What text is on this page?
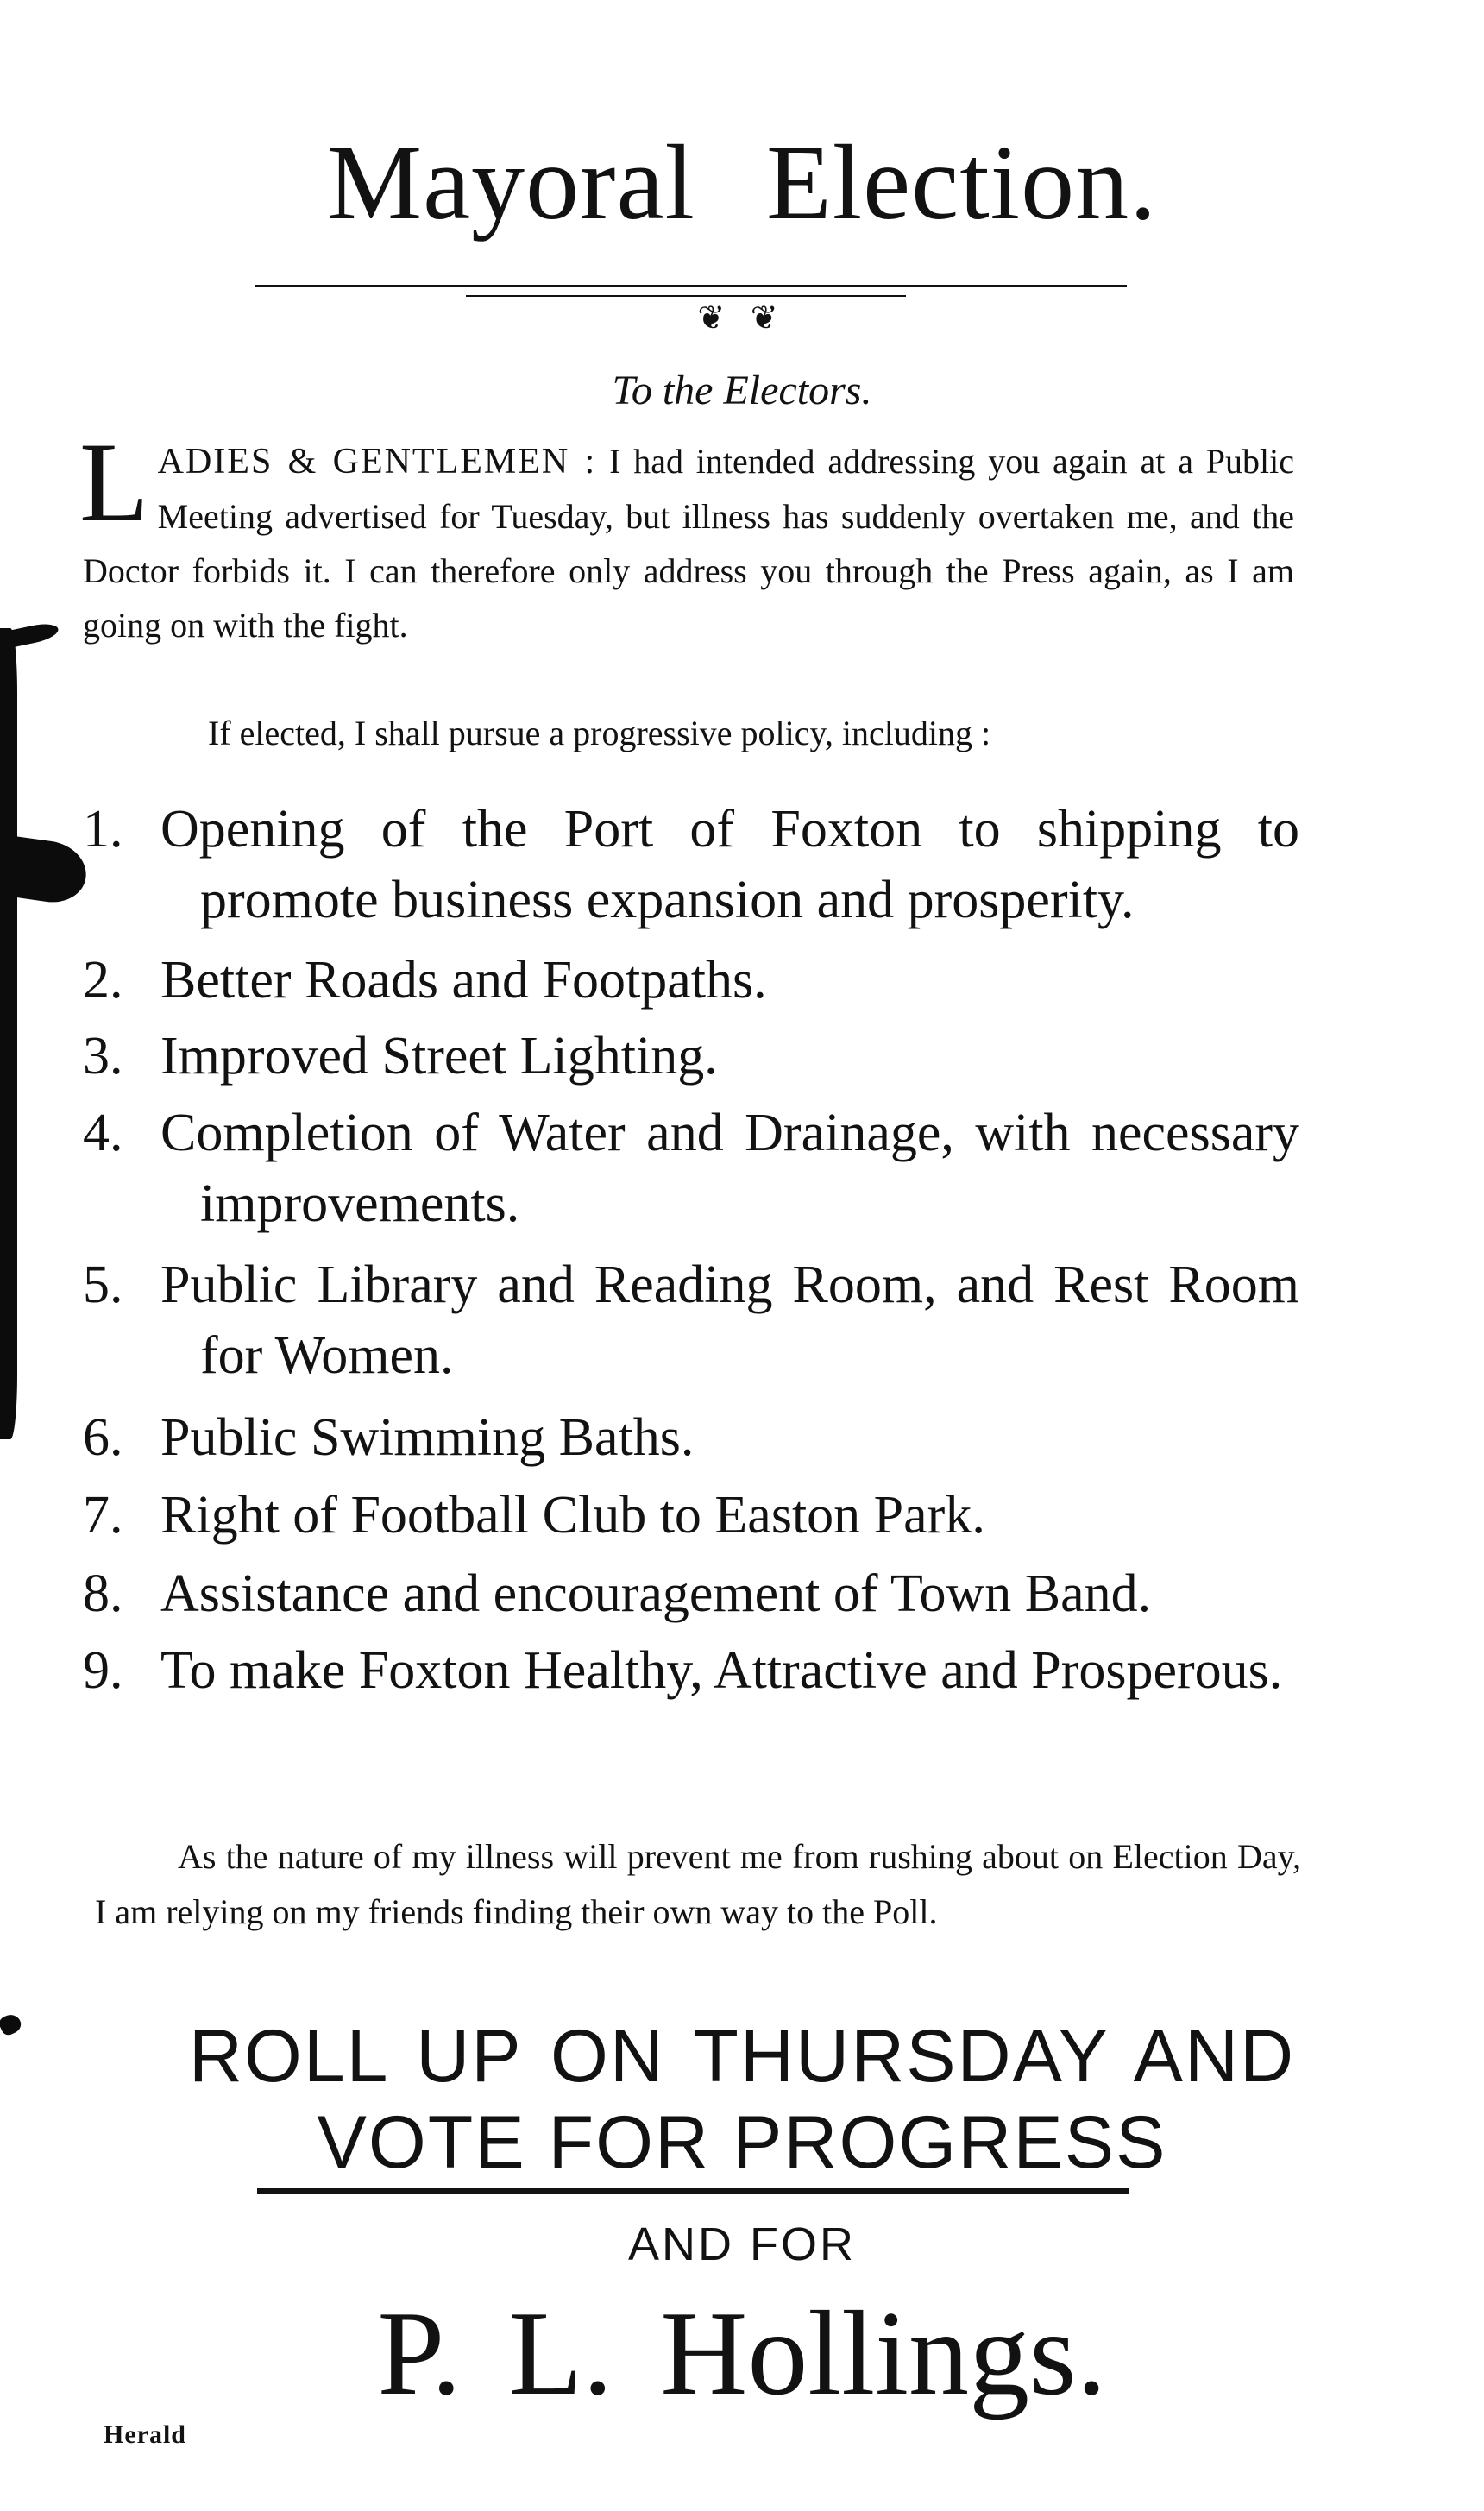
Mayoral Election.
❦ ❦
To the Electors.

LADIES & GENTLEMEN : I had intended addressing you again at a Public Meeting advertised for Tuesday, but illness has suddenly overtaken me, and the Doctor forbids it. I can therefore only address you through the Press again, as I am going on with the fight.

If elected, I shall pursue a progressive policy, including :

1. Opening of the Port of Foxton to shipping to promote business expansion and prosperity.
2. Better Roads and Footpaths.
3. Improved Street Lighting.
4. Completion of Water and Drainage, with necessary improvements.
5. Public Library and Reading Room, and Rest Room for Women.
6. Public Swimming Baths.
7. Right of Football Club to Easton Park.
8. Assistance and encouragement of Town Band.
9. To make Foxton Healthy, Attractive and Prosperous.

As the nature of my illness will prevent me from rushing about on Election Day, I am relying on my friends finding their own way to the Poll.

ROLL UP ON THURSDAY AND
VOTE FOR PROGRESS
AND FOR
P. L. Hollings.
Herald
